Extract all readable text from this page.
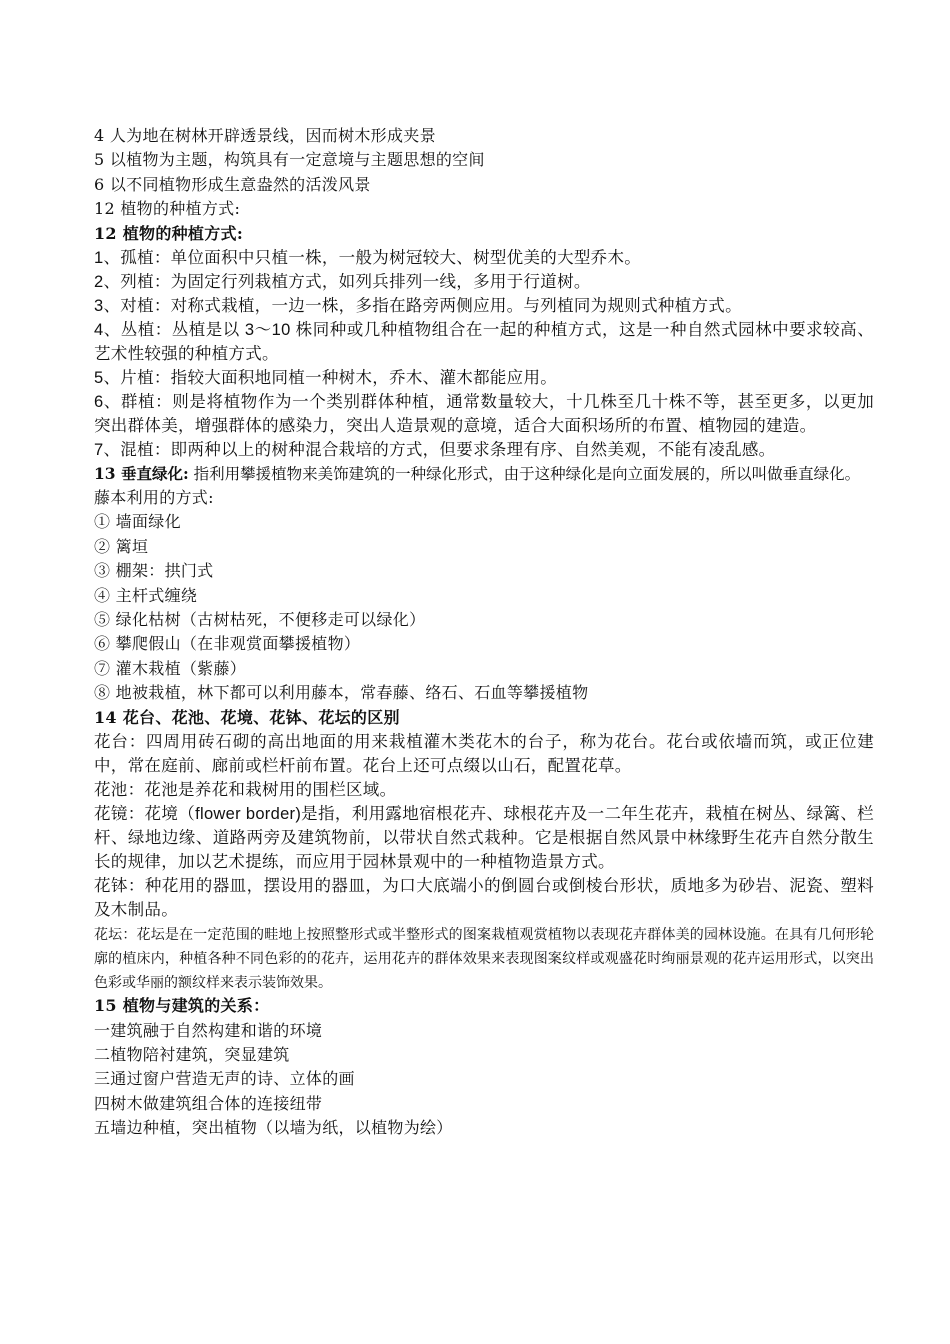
4 人为地在树林开辟透景线，因而树木形成夹景
5 以植物为主题，构筑具有一定意境与主题思想的空间
6 以不同植物形成生意盎然的活泼风景
12 植物的种植方式:
12 植物的种植方式:
1、孤植：单位面积中只植一株，一般为树冠较大、树型优美的大型乔木。
2、列植：为固定行列栽植方式，如列兵排列一线，多用于行道树。
3、对植：对称式栽植，一边一株，多指在路旁两侧应用。与列植同为规则式种植方式。
4、丛植：丛植是以 3～10 株同种或几种植物组合在一起的种植方式，这是一种自然式园林中要求较高、艺术性较强的种植方式。
5、片植：指较大面积地同植一种树木，乔木、灌木都能应用。
6、群植：则是将植物作为一个类别群体种植，通常数量较大，十几株至几十株不等，甚至更多，以更加突出群体美，增强群体的感染力，突出人造景观的意境，适合大面积场所的布置、植物园的建造。
7、混植：即两种以上的树种混合栽培的方式，但要求条理有序、自然美观，不能有凌乱感。
13 垂直绿化: 指利用攀援植物来美饰建筑的一种绿化形式，由于这种绿化是向立面发展的，所以叫做垂直绿化。
藤本利用的方式:
① 墙面绿化
② 篱垣
③ 棚架：拱门式
④ 主杆式缠绕
⑤ 绿化枯树（古树枯死，不便移走可以绿化）
⑥ 攀爬假山（在非观赏面攀援植物）
⑦ 灌木栽植（紫藤）
⑧ 地被栽植，林下都可以利用藤本，常春藤、络石、石血等攀援植物
14 花台、花池、花境、花钵、花坛的区别
花台：四周用砖石砌的高出地面的用来栽植灌木类花木的台子，称为花台。花台或依墙而筑，或正位建中，常在庭前、廊前或栏杆前布置。花台上还可点缀以山石，配置花草。
花池：花池是养花和栽树用的围栏区域。
花镜：花境（flower border)是指，利用露地宿根花卉、球根花卉及一二年生花卉，栽植在树丛、绿篱、栏杆、绿地边缘、道路两旁及建筑物前，以带状自然式栽种。它是根据自然风景中林缘野生花卉自然分散生长的规律，加以艺术提练，而应用于园林景观中的一种植物造景方式。
花钵：种花用的器皿，摆设用的器皿，为口大底端小的倒圆台或倒棱台形状，质地多为砂岩、泥瓷、塑料及木制品。
花坛：花坛是在一定范围的畦地上按照整形式或半整形式的图案栽植观赏植物以表现花卉群体美的园林设施。在具有几何形轮廓的植床内，种植各种不同色彩的的花卉，运用花卉的群体效果来表现图案纹样或观盛花时绚丽景观的花卉运用形式，以突出色彩或华丽的额纹样来表示装饰效果。
15 植物与建筑的关系：
一建筑融于自然构建和谐的环境
二植物陪衬建筑，突显建筑
三通过窗户营造无声的诗、立体的画
四树木做建筑组合体的连接纽带
五墙边种植，突出植物（以墙为纸，以植物为绘）
